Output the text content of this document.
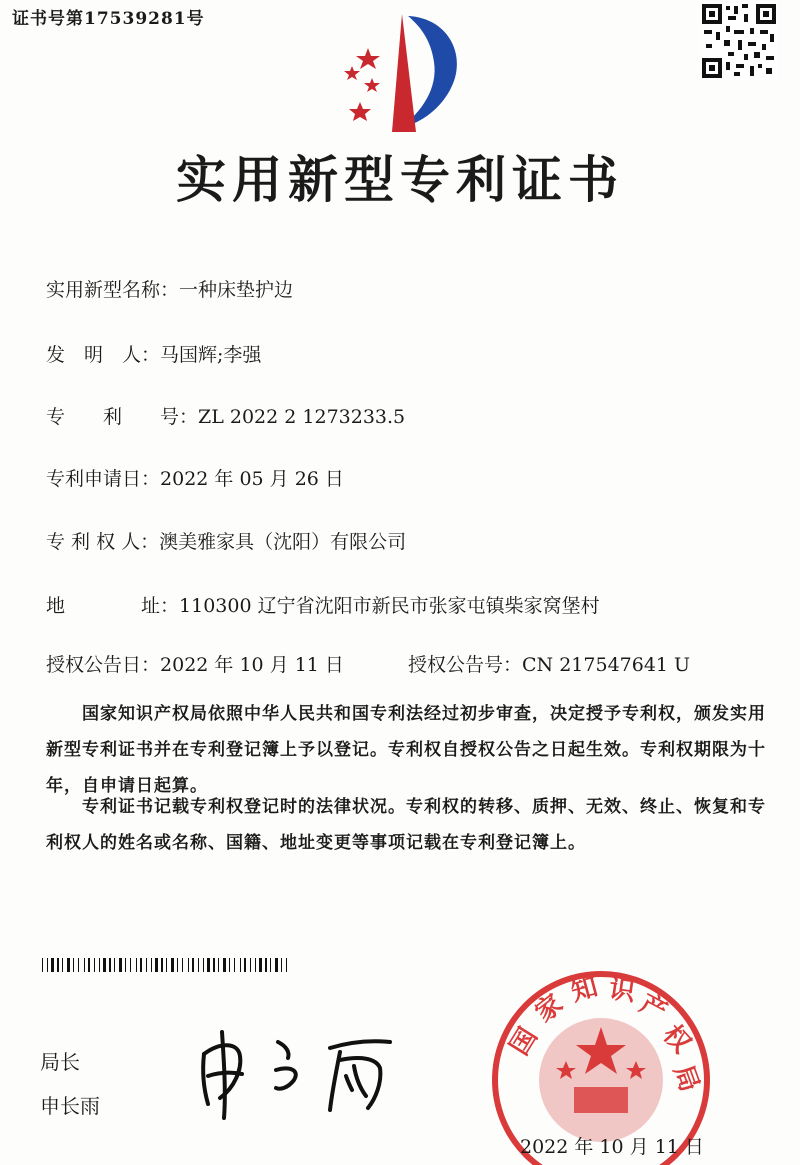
证书号第17539281号
实用新型专利证书
实用新型名称：一种床垫护边
发　明　人：马国辉;李强
专　　利　　号：ZL 2022 2 1273233.5
专利申请日：2022 年 05 月 26 日
专 利 权 人：澳美雅家具（沈阳）有限公司
地　　　　址：110300 辽宁省沈阳市新民市张家屯镇柴家窝堡村
授权公告日：2022 年 10 月 11 日	授权公告号：CN 217547641 U
国家知识产权局依照中华人民共和国专利法经过初步审查，决定授予专利权，颁发实用新型专利证书并在专利登记簿上予以登记。专利权自授权公告之日起生效。专利权期限为十年，自申请日起算。
专利证书记载专利权登记时的法律状况。专利权的转移、质押、无效、终止、恢复和专利权人的姓名或名称、国籍、地址变更等事项记载在专利登记簿上。
局长
申长雨
国
家 知 识
产
权
局
2022 年 10 月 11 日
